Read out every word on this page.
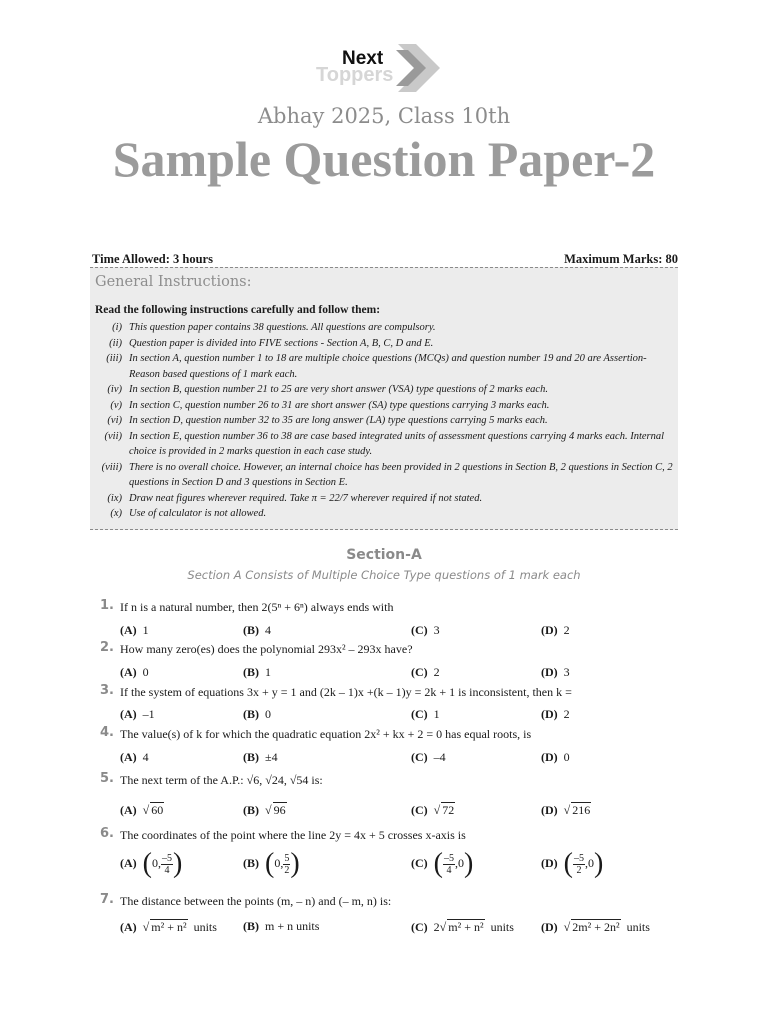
Next
Toppers
Abhay 2025, Class 10th
Sample Question Paper-2
Time Allowed: 3 hours	Maximum Marks: 80
General Instructions:
Read the following instructions carefully and follow them:
(i) This question paper contains 38 questions. All questions are compulsory.
(ii) Question paper is divided into FIVE sections - Section A, B, C, D and E.
(iii) In section A, question number 1 to 18 are multiple choice questions (MCQs) and question number 19 and 20 are Assertion-Reason based questions of 1 mark each.
(iv) In section B, question number 21 to 25 are very short answer (VSA) type questions of 2 marks each.
(v) In section C, question number 26 to 31 are short answer (SA) type questions carrying 3 marks each.
(vi) In section D, question number 32 to 35 are long answer (LA) type questions carrying 5 marks each.
(vii) In section E, question number 36 to 38 are case based integrated units of assessment questions carrying 4 marks each. Internal choice is provided in 2 marks question in each case study.
(viii) There is no overall choice. However, an internal choice has been provided in 2 questions in Section B, 2 questions in Section C, 2 questions in Section D and 3 questions in Section E.
(ix) Draw neat figures wherever required. Take π = 22/7 wherever required if not stated.
(x) Use of calculator is not allowed.
Section-A
Section A Consists of Multiple Choice Type questions of 1 mark each
1. If n is a natural number, then 2(5ⁿ + 6ⁿ) always ends with
(A) 1	(B) 4	(C) 3	(D) 2
2. How many zero(es) does the polynomial 293x² – 293x have?
(A) 0	(B) 1	(C) 2	(D) 3
3. If the system of equations 3x + y = 1 and (2k – 1)x +(k – 1)y = 2k + 1 is inconsistent, then k =
(A) –1	(B) 0	(C) 1	(D) 2
4. The value(s) of k for which the quadratic equation 2x² + kx + 2 = 0 has equal roots, is
(A) 4	(B) ±4	(C) –4	(D) 0
5. The next term of the A.P.: √6, √24, √54 is:
(A) √ 60	(B) √ 96	(C) √ 72	(D) √ 216
6. The coordinates of the point where the line 2y = 4x + 5 crosses x-axis is
(A) (0, $\frac{-5}{4}$ )	(B) (0, $\frac{5}{2}$ )	(C) ( $\frac{-5}{4} ,0$)	(D) ( $\frac{-5}{2} ,0$)
7. The distance between the points (m, – n) and (– m, n) is:
(A) √ m² + n² units (B) m + n units	(C) 2√ m² + n² units (D) √ 2m² + 2n² units
